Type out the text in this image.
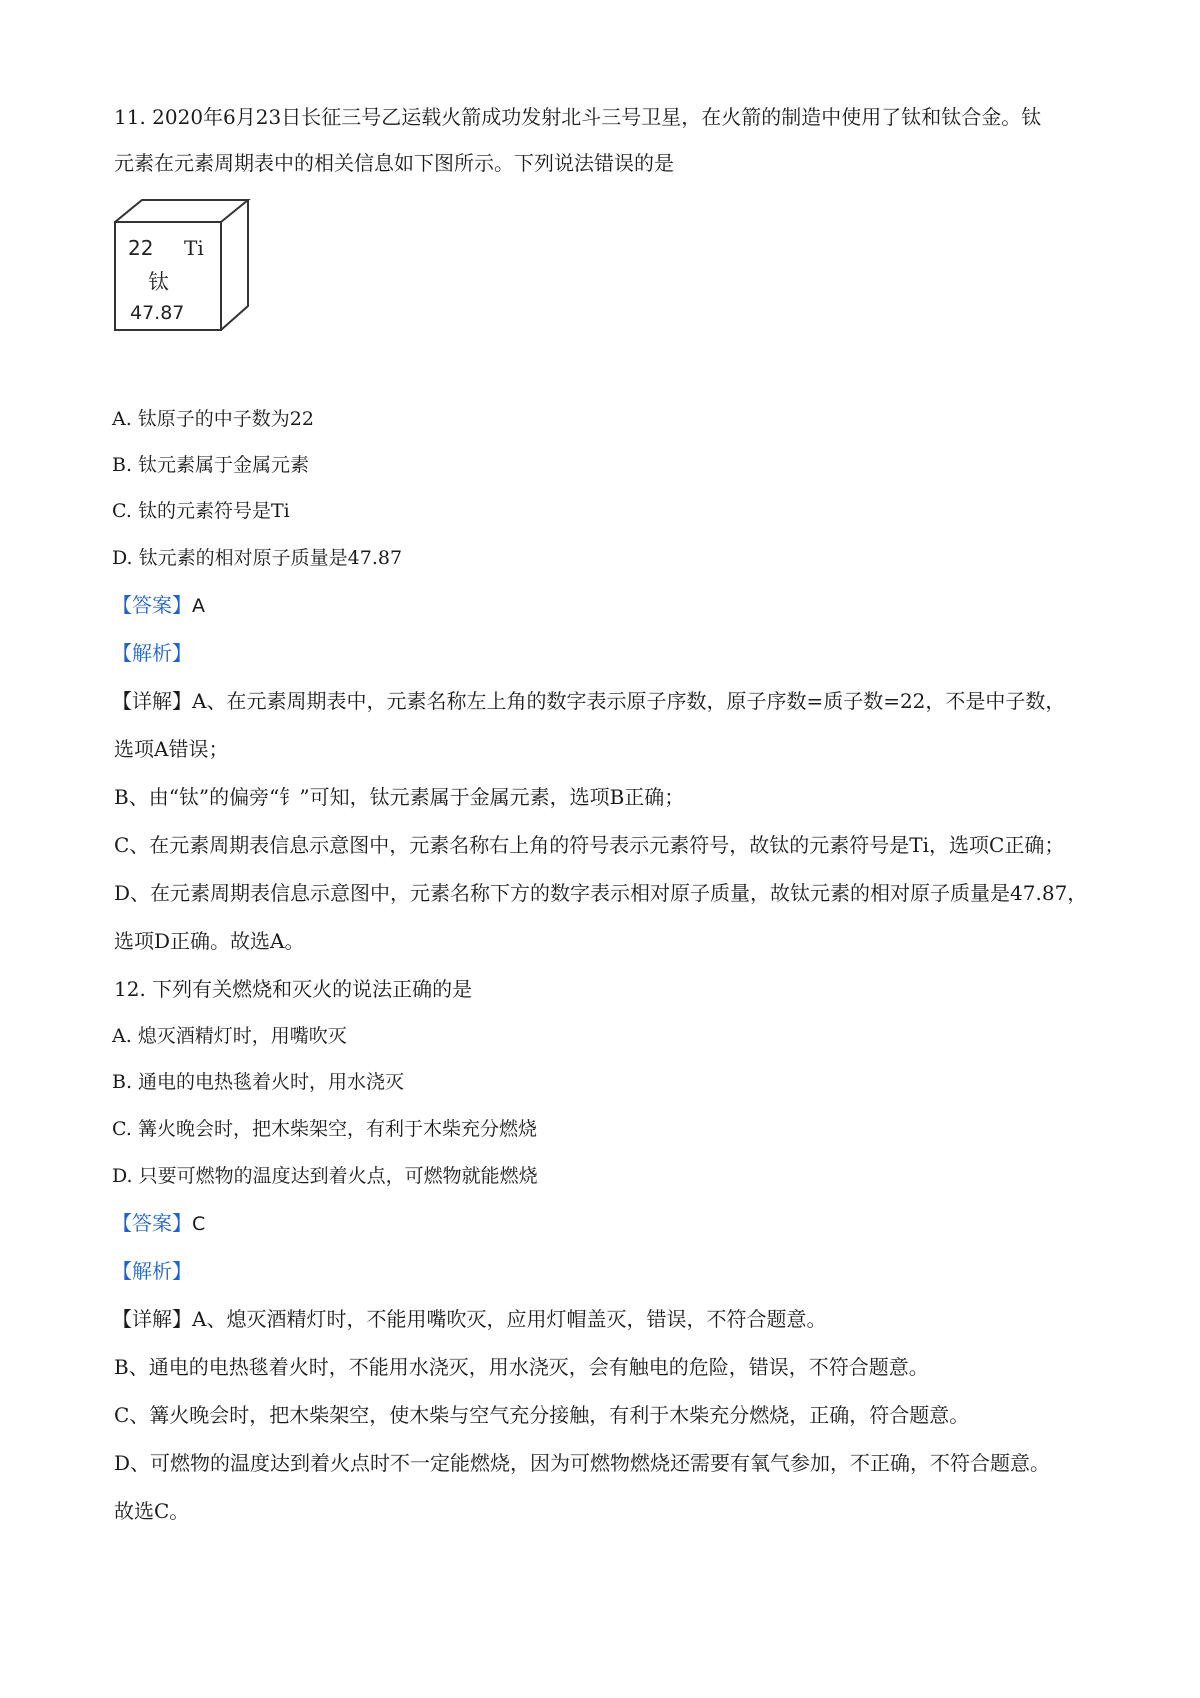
11. 2020年6月23日长征三号乙运载火箭成功发射北斗三号卫星，在火箭的制造中使用了钛和钛合金。钛
元素在元素周期表中的相关信息如下图所示。下列说法错误的是
22 Ti
钛
47.87
A. 钛原子的中子数为22
B. 钛元素属于金属元素
C. 钛的元素符号是Ti
D. 钛元素的相对原子质量是47.87
【答案】A
【解析】
【详解】A、在元素周期表中，元素名称左上角的数字表示原子序数，原子序数=质子数=22，不是中子数，
选项A错误；
B、由“钛”的偏旁“钅”可知，钛元素属于金属元素，选项B正确；
C、在元素周期表信息示意图中，元素名称右上角的符号表示元素符号，故钛的元素符号是Ti，选项C正确；
D、在元素周期表信息示意图中，元素名称下方的数字表示相对原子质量，故钛元素的相对原子质量是47.87，
选项D正确。故选A。
12. 下列有关燃烧和灭火的说法正确的是
A. 熄灭酒精灯时，用嘴吹灭
B. 通电的电热毯着火时，用水浇灭
C. 篝火晚会时，把木柴架空，有利于木柴充分燃烧
D. 只要可燃物的温度达到着火点，可燃物就能燃烧
【答案】C
【解析】
【详解】A、熄灭酒精灯时，不能用嘴吹灭，应用灯帽盖灭，错误，不符合题意。
B、通电的电热毯着火时，不能用水浇灭，用水浇灭，会有触电的危险，错误，不符合题意。
C、篝火晚会时，把木柴架空，使木柴与空气充分接触，有利于木柴充分燃烧，正确，符合题意。
D、可燃物的温度达到着火点时不一定能燃烧，因为可燃物燃烧还需要有氧气参加，不正确，不符合题意。
故选C。
